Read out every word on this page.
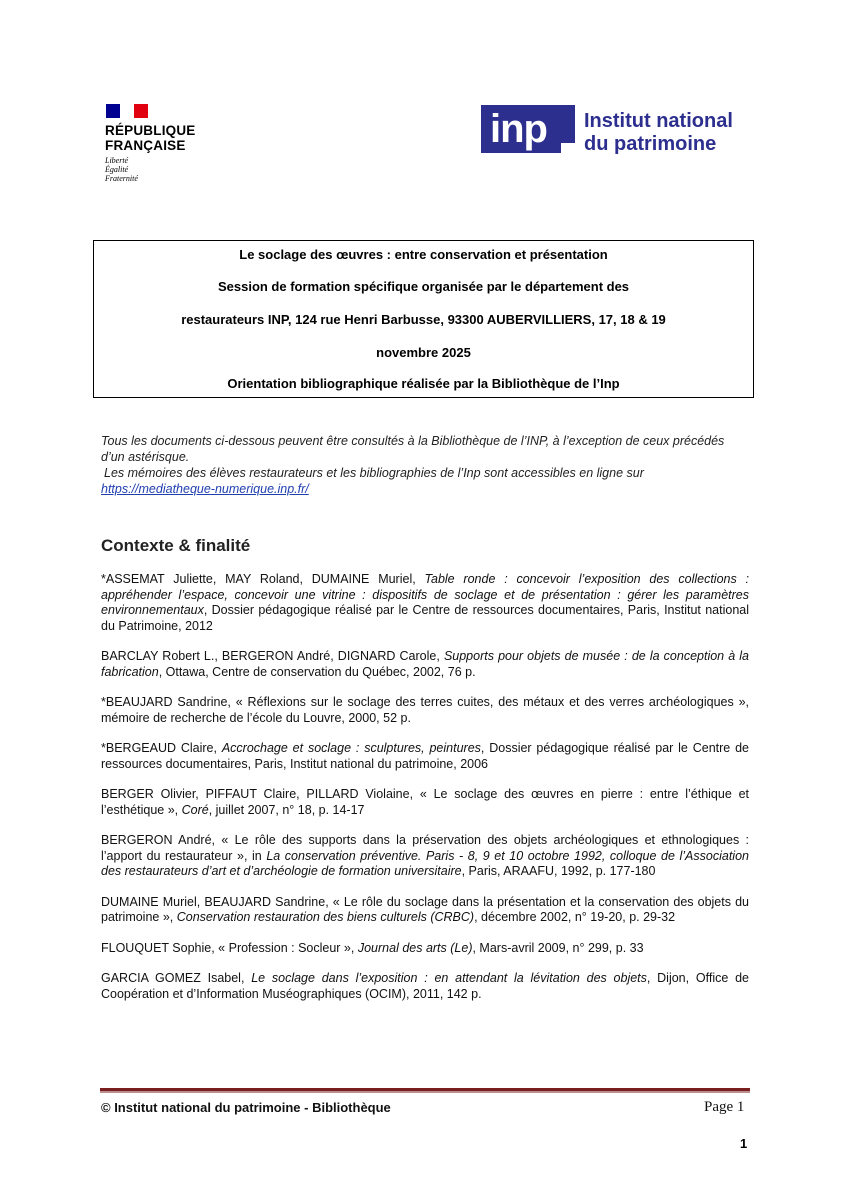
RÉPUBLIQUE
FRANÇAISE
Liberté
Égalité
Fraternité
inp Institut national
du patrimoine

Le soclage des œuvres : entre conservation et présentation

Session de formation spécifique organisée par le département des

restaurateurs INP, 124 rue Henri Barbusse, 93300 AUBERVILLIERS, 17, 18 & 19

novembre 2025

Orientation bibliographique réalisée par la Bibliothèque de l’Inp

Tous les documents ci-dessous peuvent être consultés à la Bibliothèque de l’INP, à l’exception de ceux précédés d’un astérisque.
Les mémoires des élèves restaurateurs et les bibliographies de l’Inp sont accessibles en ligne sur
https://mediatheque-numerique.inp.fr/
Contexte & finalité
*ASSEMAT Juliette, MAY Roland, DUMAINE Muriel, Table ronde : concevoir l’exposition des collections : appréhender l’espace, concevoir une vitrine : dispositifs de soclage et de présentation : gérer les paramètres environnementaux, Dossier pédagogique réalisé par le Centre de ressources documentaires, Paris, Institut national du Patrimoine, 2012
BARCLAY Robert L., BERGERON André, DIGNARD Carole, Supports pour objets de musée : de la conception à la fabrication, Ottawa, Centre de conservation du Québec, 2002, 76 p.
*BEAUJARD Sandrine, « Réflexions sur le soclage des terres cuites, des métaux et des verres archéologiques », mémoire de recherche de l’école du Louvre, 2000, 52 p.
*BERGEAUD Claire, Accrochage et soclage : sculptures, peintures, Dossier pédagogique réalisé par le Centre de ressources documentaires, Paris, Institut national du patrimoine, 2006
BERGER Olivier, PIFFAUT Claire, PILLARD Violaine, « Le soclage des œuvres en pierre : entre l’éthique et l’esthétique », Coré, juillet 2007, n° 18, p. 14-17
BERGERON André, « Le rôle des supports dans la préservation des objets archéologiques et ethnologiques : l’apport du restaurateur », in La conservation préventive. Paris - 8, 9 et 10 octobre 1992, colloque de l’Association des restaurateurs d’art et d’archéologie de formation universitaire, Paris, ARAAFU, 1992, p. 177-180
DUMAINE Muriel, BEAUJARD Sandrine, « Le rôle du soclage dans la présentation et la conservation des objets du patrimoine », Conservation restauration des biens culturels (CRBC), décembre 2002, n° 19-20, p. 29-32
FLOUQUET Sophie, « Profession : Socleur », Journal des arts (Le), Mars-avril 2009, n° 299, p. 33
GARCIA GOMEZ Isabel, Le soclage dans l’exposition : en attendant la lévitation des objets, Dijon, Office de Coopération et d’Information Muséographiques (OCIM), 2011, 142 p.
© Institut national du patrimoine - Bibliothèque	Page 1
1
